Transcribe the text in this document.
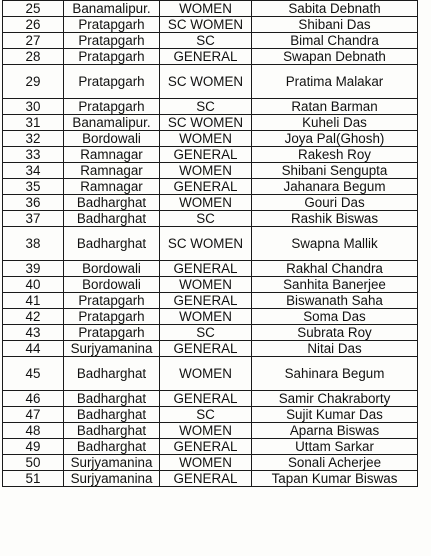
25	Banamalipur.	WOMEN	Sabita Debnath
26	Pratapgarh	SC WOMEN	Shibani Das
27	Pratapgarh	SC	Bimal Chandra
28	Pratapgarh	GENERAL	Swapan Debnath
29	Pratapgarh	SC WOMEN	Pratima Malakar
30	Pratapgarh	SC	Ratan Barman
31	Banamalipur.	SC WOMEN	Kuheli Das
32	Bordowali	WOMEN	Joya Pal(Ghosh)
33	Ramnagar	GENERAL	Rakesh Roy
34	Ramnagar	WOMEN	Shibani Sengupta
35	Ramnagar	GENERAL	Jahanara Begum
36	Badharghat	WOMEN	Gouri Das
37	Badharghat	SC	Rashik Biswas
38	Badharghat	SC WOMEN	Swapna Mallik
39	Bordowali	GENERAL	Rakhal Chandra
40	Bordowali	WOMEN	Sanhita Banerjee
41	Pratapgarh	GENERAL	Biswanath Saha
42	Pratapgarh	WOMEN	Soma Das
43	Pratapgarh	SC	Subrata Roy
44	Surjyamanina	GENERAL	Nitai Das
45	Badharghat	WOMEN	Sahinara Begum
46	Badharghat	GENERAL	Samir Chakraborty
47	Badharghat	SC	Sujit Kumar Das
48	Badharghat	WOMEN	Aparna Biswas
49	Badharghat	GENERAL	Uttam Sarkar
50	Surjyamanina	WOMEN	Sonali Acherjee
51	Surjyamanina	GENERAL	Tapan Kumar Biswas
